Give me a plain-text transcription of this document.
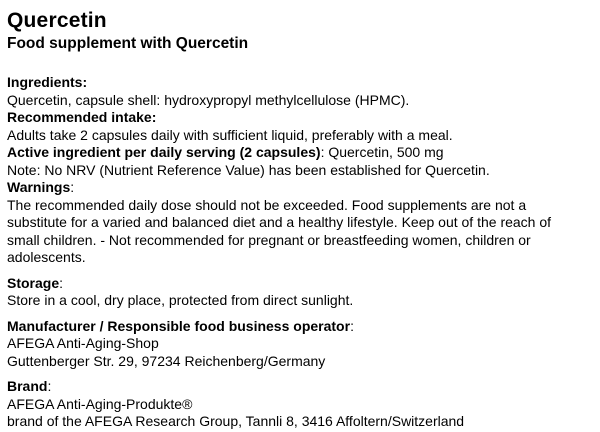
Quercetin
Food supplement with Quercetin

Ingredients:

Quercetin, capsule shell: hydroxypropyl methylcellulose (HPMC).

Recommended intake:

Adults take 2 capsules daily with sufficient liquid, preferably with a meal.

Active ingredient per daily serving (2 capsules): Quercetin, 500 mg

Note: No NRV (Nutrient Reference Value) has been established for Quercetin.

Warnings:

The recommended daily dose should not be exceeded. Food supplements are not a substitute for a varied and balanced diet and a healthy lifestyle. Keep out of the reach of small children. - Not recommended for pregnant or breastfeeding women, children or adolescents.

Storage:

Store in a cool, dry place, protected from direct sunlight.

Manufacturer / Responsible food business operator:

AFEGA Anti-Aging-Shop

Guttenberger Str. 29, 97234 Reichenberg/Germany

Brand:

AFEGA Anti-Aging-Produkte®

brand of the AFEGA Research Group, Tannli 8, 3416 Affoltern/Switzerland
